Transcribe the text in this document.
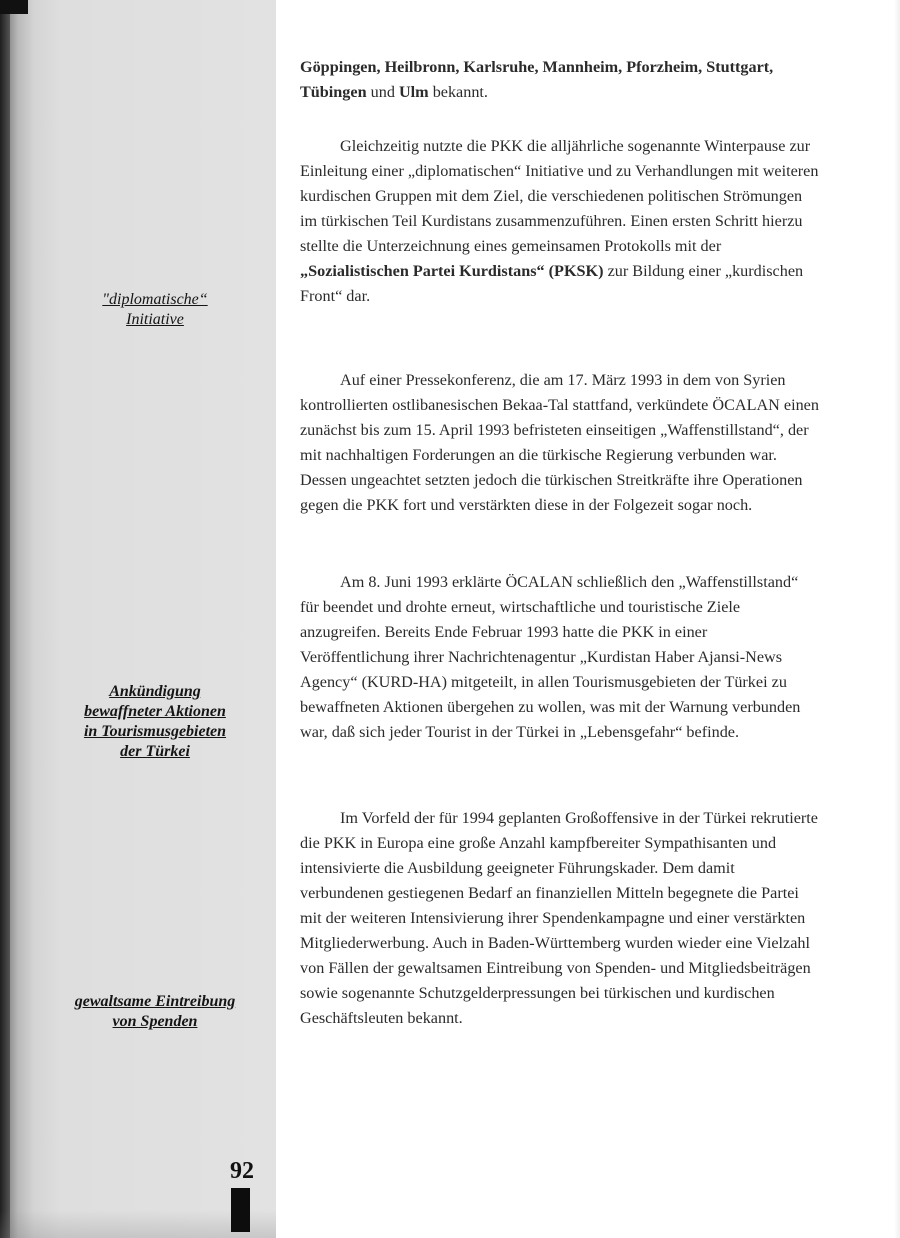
"diplomatische“
Initiative
Ankündigung
bewaffneter Aktionen
in Tourismusgebieten
der Türkei
gewaltsame Eintreibung
von Spenden
92

Göppingen, Heilbronn, Karlsruhe, Mannheim, Pforzheim, Stuttgart, Tübingen und Ulm bekannt.

Gleichzeitig nutzte die PKK die alljährliche sogenannte Winterpause zur Einleitung einer „diplomatischen“ Initiative und zu Verhandlungen mit weiteren kurdischen Gruppen mit dem Ziel, die verschiedenen politischen Strömungen im türkischen Teil Kurdistans zusammenzuführen. Einen ersten Schritt hierzu stellte die Unterzeichnung eines gemeinsamen Protokolls mit der „Sozialistischen Partei Kurdistans“ (PKSK) zur Bildung einer „kurdischen Front“ dar.

Auf einer Pressekonferenz, die am 17. März 1993 in dem von Syrien kontrollierten ostlibanesischen Bekaa-Tal stattfand, verkündete ÖCALAN einen zunächst bis zum 15. April 1993 befristeten einseitigen „Waffenstillstand“, der mit nachhaltigen Forderungen an die türkische Regierung verbunden war. Dessen ungeachtet setzten jedoch die türkischen Streitkräfte ihre Operationen gegen die PKK fort und verstärkten diese in der Folgezeit sogar noch.

Am 8. Juni 1993 erklärte ÖCALAN schließlich den „Waffenstillstand“ für beendet und drohte erneut, wirtschaftliche und touristische Ziele anzugreifen. Bereits Ende Februar 1993 hatte die PKK in einer Veröffentlichung ihrer Nachrichtenagentur „Kurdistan Haber Ajansi-News Agency“ (KURD-HA) mitgeteilt, in allen Tourismusgebieten der Türkei zu bewaffneten Aktionen übergehen zu wollen, was mit der Warnung verbunden war, daß sich jeder Tourist in der Türkei in „Lebensgefahr“ befinde.

Im Vorfeld der für 1994 geplanten Großoffensive in der Türkei rekrutierte die PKK in Europa eine große Anzahl kampfbereiter Sympathisanten und intensivierte die Ausbildung geeigneter Führungskader. Dem damit verbundenen gestiegenen Bedarf an finanziellen Mitteln begegnete die Partei mit der weiteren Intensivierung ihrer Spendenkampagne und einer verstärkten Mitgliederwerbung. Auch in Baden-Württemberg wurden wieder eine Vielzahl von Fällen der gewaltsamen Eintreibung von Spenden- und Mitgliedsbeiträgen sowie sogenannte Schutzgelderpressungen bei türkischen und kurdischen Geschäftsleuten bekannt.
